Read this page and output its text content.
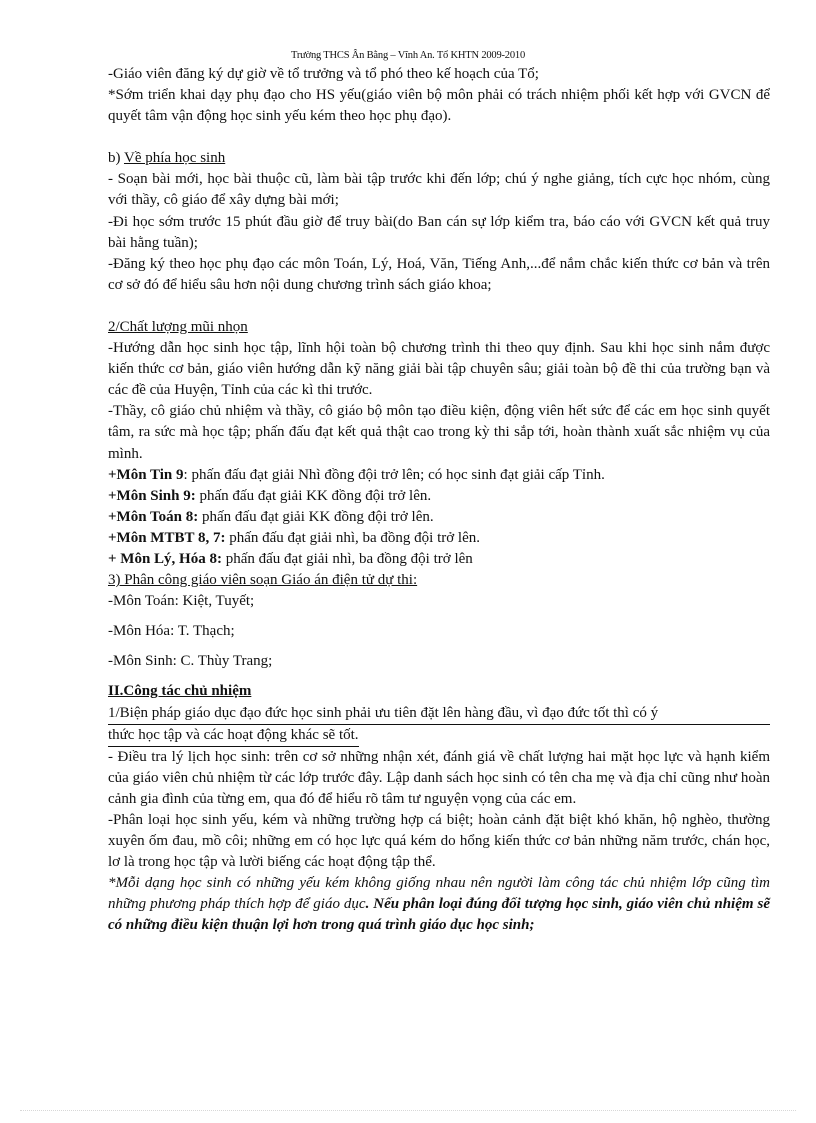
Trường THCS Ân Bằng – Vĩnh An. Tổ KHTN 2009-2010

-Giáo viên đăng ký dự giờ về tổ trưởng và tổ phó theo kế hoạch của Tổ;

*Sớm triển khai dạy phụ đạo cho HS yếu(giáo viên bộ môn phải có trách nhiệm phối kết hợp với GVCN để quyết tâm vận động học sinh yếu kém theo học phụ đạo).

b) Về phía học sinh

- Soạn bài mới, học bài thuộc cũ, làm bài tập trước khi đến lớp; chú ý nghe giảng, tích cực học nhóm, cùng với thầy, cô giáo để xây dựng bài mới;

-Đi học sớm trước 15 phút đầu giờ để truy bài(do Ban cán sự lớp kiểm tra, báo cáo với GVCN kết quả truy bài hằng tuần);

-Đăng ký theo học phụ đạo các môn Toán, Lý, Hoá, Văn, Tiếng Anh,...để nắm chắc kiến thức cơ bản và trên cơ sở đó để hiểu sâu hơn nội dung chương trình sách giáo khoa;

2/Chất lượng mũi nhọn

-Hướng dẫn học sinh học tập, lĩnh hội toàn bộ chương trình thi theo quy định. Sau khi học sinh nắm được kiến thức cơ bản, giáo viên hướng dẫn kỹ năng giải bài tập chuyên sâu; giải toàn bộ đề thi của trường bạn và các đề của Huyện, Tỉnh của các kì thi trước.

-Thầy, cô giáo chủ nhiệm và thầy, cô giáo bộ môn tạo điều kiện, động viên hết sức để các em học sinh quyết tâm, ra sức mà học tập; phấn đấu đạt kết quả thật cao trong kỳ thi sắp tới, hoàn thành xuất sắc nhiệm vụ của mình.

+Môn Tin 9: phấn đấu đạt giải Nhì đồng đội trở lên; có học sinh đạt giải cấp Tỉnh.

+Môn Sinh 9: phấn đấu đạt giải KK đồng đội trở lên.

+Môn Toán 8: phấn đấu đạt giải KK đồng đội trở lên.

+Môn MTBT 8, 7: phấn đấu đạt giải nhì, ba đồng đội trở lên.

+ Môn Lý, Hóa 8: phấn đấu đạt giải nhì, ba đồng đội trở lên

3) Phân công giáo viên soạn Giáo án điện tử dự thi:

-Môn Toán: Kiệt, Tuyết;

-Môn Hóa: T. Thạch;

-Môn Sinh: C. Thùy Trang;

II.Công tác chủ nhiệm

1/Biện pháp giáo dục đạo đức học sinh phải ưu tiên đặt lên hàng đầu, vì đạo đức tốt thì có ý
thức học tập và các hoạt động khác sẽ tốt.

- Điều tra lý lịch học sinh: trên cơ sở những nhận xét, đánh giá về chất lượng hai mặt học lực và hạnh kiểm của giáo viên chủ nhiệm từ các lớp trước đây. Lập danh sách học sinh có tên cha mẹ và địa chỉ cũng như hoàn cảnh gia đình của từng em, qua đó để hiểu rõ tâm tư nguyện vọng của các em.

-Phân loại học sinh yếu, kém và những trường hợp cá biệt; hoàn cảnh đặt biệt khó khăn, hộ nghèo, thường xuyên ốm đau, mồ côi; những em có học lực quá kém do hổng kiến thức cơ bản những năm trước, chán học, lơ là trong học tập và lười biếng các hoạt động tập thể.

*Mỗi dạng học sinh có những yếu kém không giống nhau nên người làm công tác chủ nhiệm lớp cũng tìm những phương pháp thích hợp để giáo dục. Nếu phân loại đúng đối tượng học sinh, giáo viên chủ nhiệm sẽ có những điều kiện thuận lợi hơn trong quá trình giáo dục học sinh;
